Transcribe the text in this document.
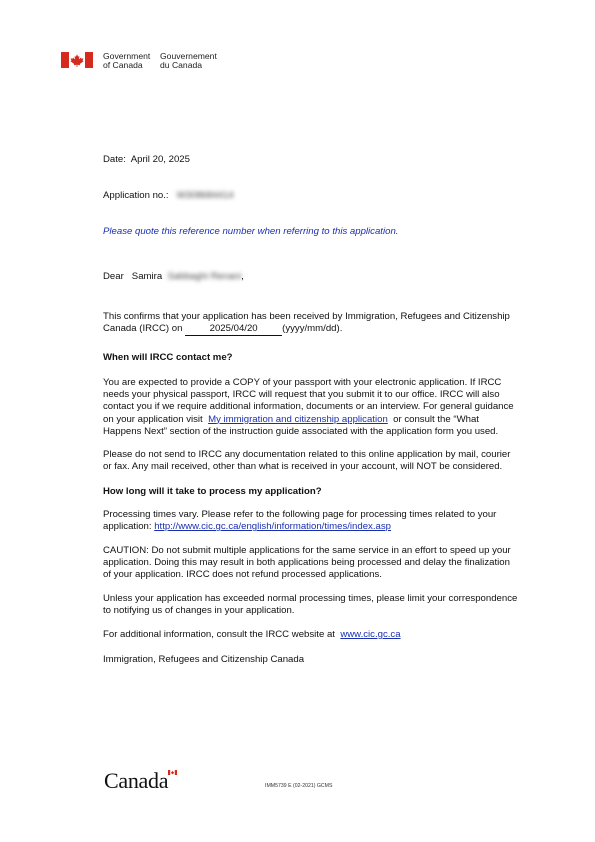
Government
of Canada
Gouvernement
du Canada
Date: April 20, 2025
Application no.: W308684414
Please quote this reference number when referring to this application.
Dear Samira Sabbaghi Renani,
This confirms that your application has been received by Immigration, Refugees and Citizenship
Canada (IRCC) on	2025/04/20	(yyyy/mm/dd).
When will IRCC contact me?
You are expected to provide a COPY of your passport with your electronic application. If IRCC
needs your physical passport, IRCC will request that you submit it to our office. IRCC will also
contact you if we require additional information, documents or an interview. For general guidance
on your application visit My immigration and citizenship application or consult the “What
Happens Next” section of the instruction guide associated with the application form you used.
Please do not send to IRCC any documentation related to this online application by mail, courier
or fax. Any mail received, other than what is received in your account, will NOT be considered.
How long will it take to process my application?
Processing times vary. Please refer to the following page for processing times related to your
application: http://www.cic.gc.ca/english/information/times/index.asp
CAUTION: Do not submit multiple applications for the same service in an effort to speed up your
application. Doing this may result in both applications being processed and delay the finalization
of your application. IRCC does not refund processed applications.
Unless your application has exceeded normal processing times, please limit your correspondence
to notifying us of changes in your application.
For additional information, consult the IRCC website at www.cic.gc.ca
Immigration, Refugees and Citizenship Canada
Canada	IMM5739 E (02-2021) GCMS
